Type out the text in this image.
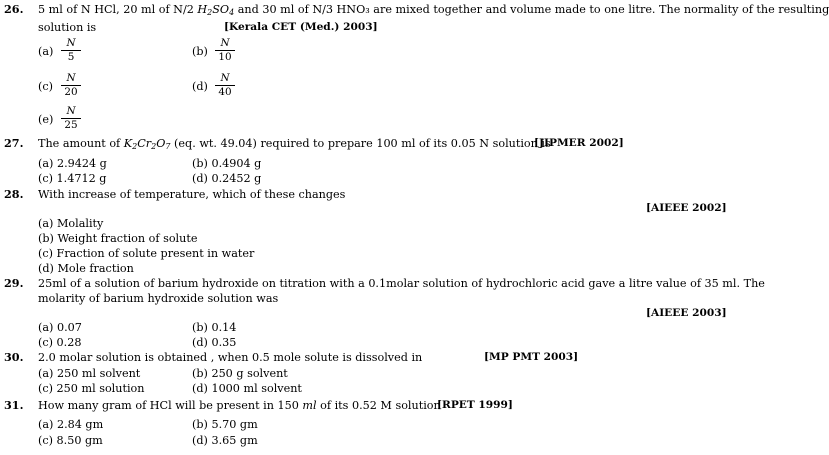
26. 5 ml of N HCl, 20 ml of N/2 $H_2SO_4$ and 30 ml of N/3 HNO₃ are mixed together and volume made to one litre. The normality of the resulting
solution is	[Kerala CET (Med.) 2003]
$(a) \frac{N}{5}$	$(b) \frac{N}{10}$
$(c) \frac{N}{20}$	$(d) \frac{N}{40}$
$(e) \frac{N}{25}$
27. The amount of $K_2Cr_2O_7$ (eq. wt. 49.04) required to prepare 100 ml of its 0.05 N solution is
[JIPMER 2002]
(a) 2.9424 g	(b) 0.4904 g
(c) 1.4712 g	(d) 0.2452 g
28. With increase of temperature, which of these changes
[AIEEE 2002]
(a) Molality
(b) Weight fraction of solute
(c) Fraction of solute present in water
(d) Mole fraction
29. 25ml of a solution of barium hydroxide on titration with a 0.1molar solution of hydrochloric acid gave a litre value of 35 ml. The
molarity of barium hydroxide solution was
[AIEEE 2003]
(a) 0.07	(b) 0.14
(c) 0.28	(d) 0.35
30. 2.0 molar solution is obtained , when 0.5 mole solute is dissolved in	[MP PMT 2003]
(a) 250 ml solvent	(b) 250 g solvent
(c) 250 ml solution	(d) 1000 ml solvent
31. How many gram of HCl will be present in 150 ml of its 0.52 M solution
[RPET 1999]
(a) 2.84 gm	(b) 5.70 gm
(c) 8.50 gm	(d) 3.65 gm
